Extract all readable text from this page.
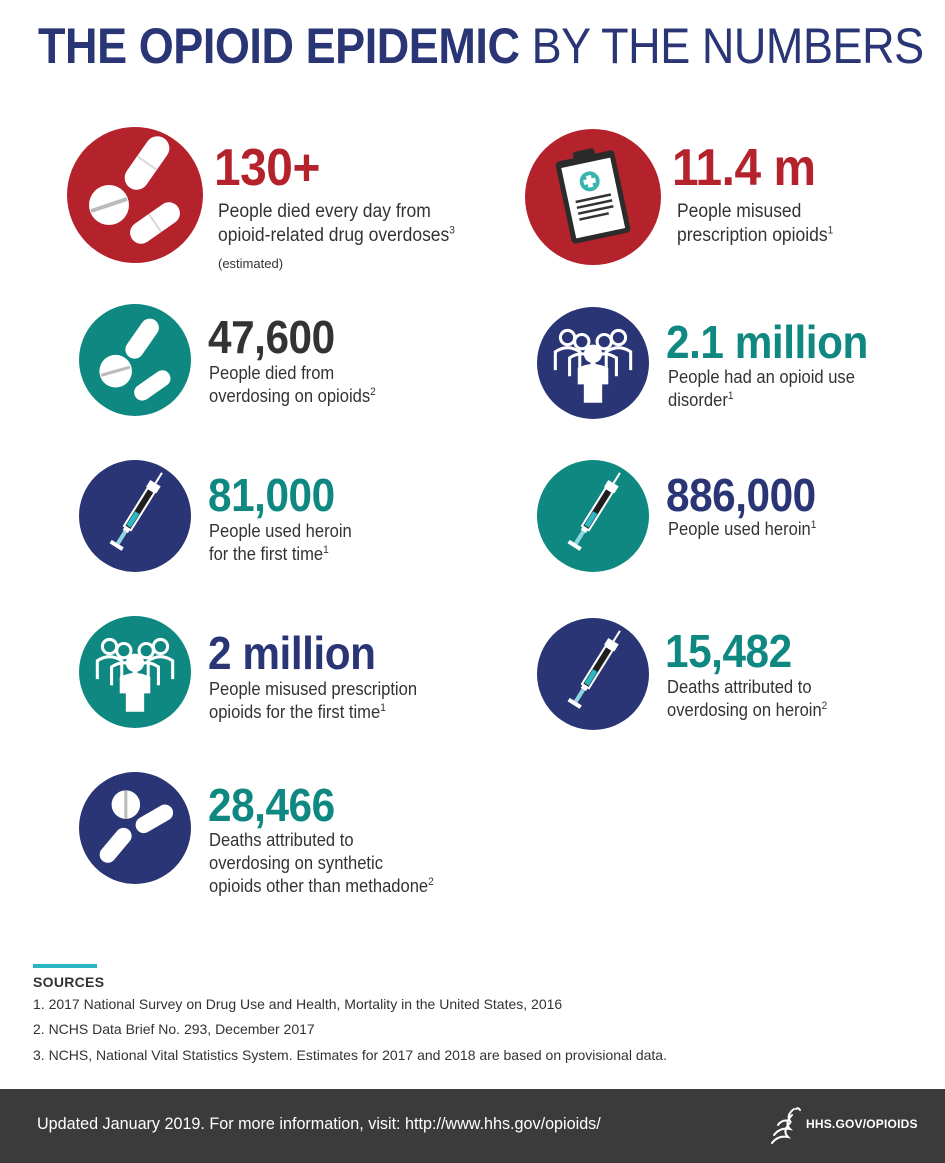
THE OPIOID EPIDEMIC BY THE NUMBERS
130+
People died every day from
opioid-related drug overdoses$^3$
(estimated)
11.4 m
People misused
prescription opioids$^1$
47,600
People died from
overdosing on opioids$^2$
2.1 million
People had an opioid use
disorder$^1$
81,000
People used heroin
for the first time$^1$
886,000
People used heroin$^1$
2 million
People misused prescription
opioids for the first time$^1$
15,482
Deaths attributed to
overdosing on heroin$^2$
28,466
Deaths attributed to
overdosing on synthetic
opioids other than methadone$^2$
SOURCES
1. 2017 National Survey on Drug Use and Health, Mortality in the United States, 2016
2. NCHS Data Brief No. 293, December 2017
3. NCHS, National Vital Statistics System. Estimates for 2017 and 2018 are based on provisional data.
Updated January 2019. For more information, visit: http://www.hhs.gov/opioids/	HHS.GOV/OPIOIDS
